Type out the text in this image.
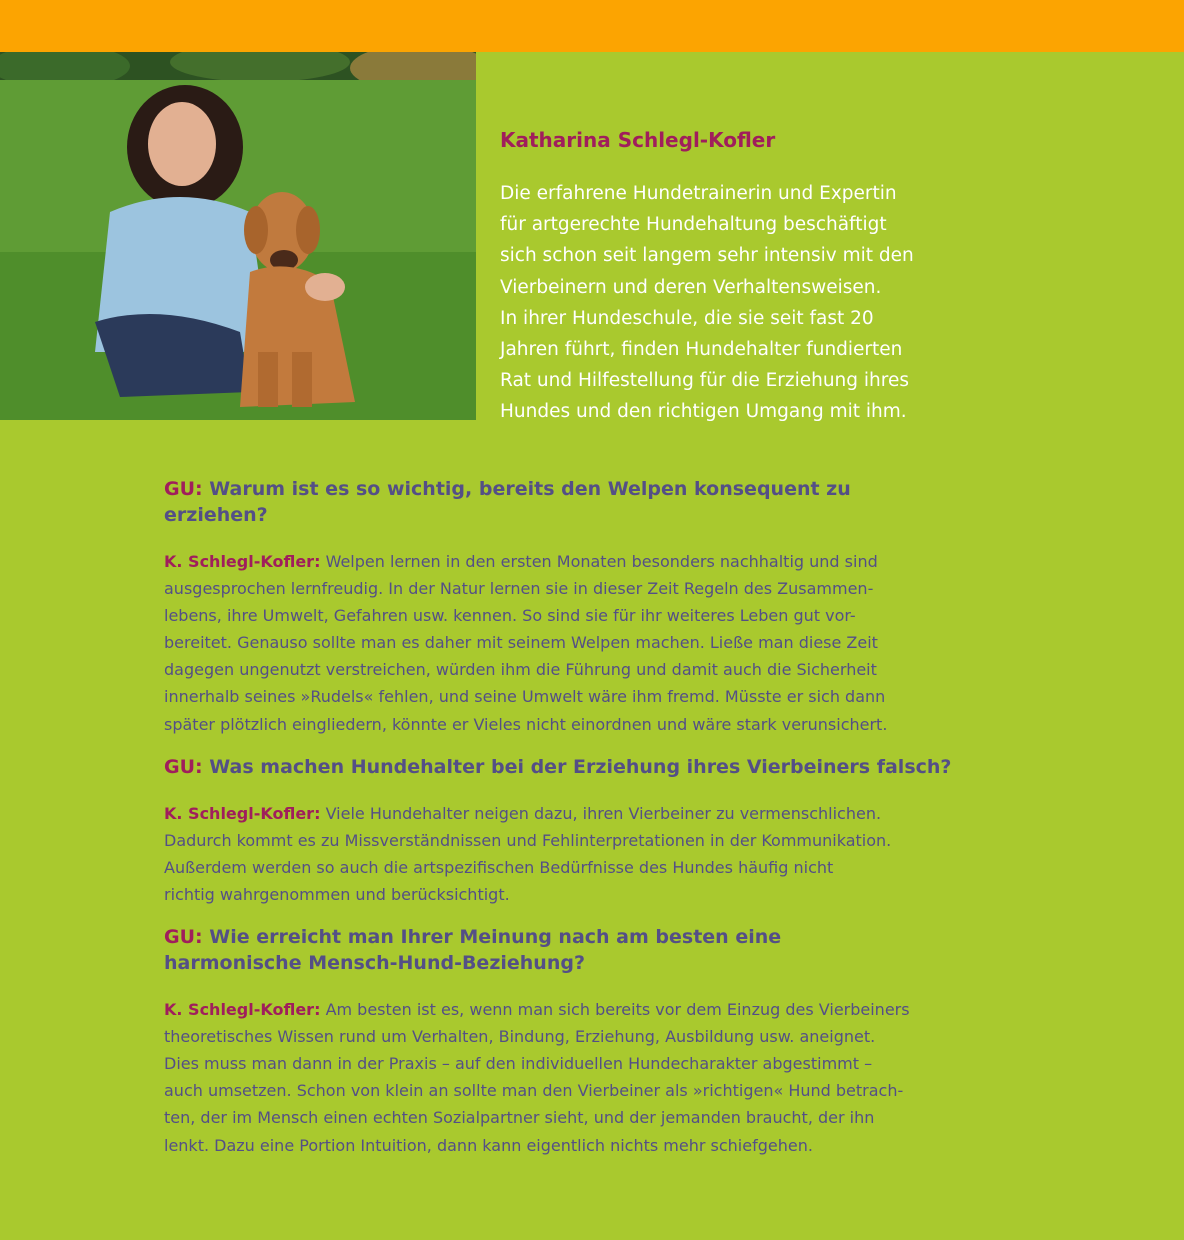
Katharina Schlegl-Kofler

Die erfahrene Hundetrainerin und Expertin
für artgerechte Hundehaltung beschäftigt
sich schon seit langem sehr intensiv mit den
Vierbeinern und deren Verhaltensweisen.
In ihrer Hundeschule, die sie seit fast 20
Jahren führt, finden Hundehalter fundierten
Rat und Hilfestellung für die Erziehung ihres
Hundes und den richtigen Umgang mit ihm.

GU: Warum ist es so wichtig, bereits den Welpen konsequent zu erziehen?

K. Schlegl-Kofler: Welpen lernen in den ersten Monaten besonders nachhaltig und sind
ausgesprochen lernfreudig. In der Natur lernen sie in dieser Zeit Regeln des Zusammen-
lebens, ihre Umwelt, Gefahren usw. kennen. So sind sie für ihr weiteres Leben gut vor-
bereitet. Genauso sollte man es daher mit seinem Welpen machen. Ließe man diese Zeit
dagegen ungenutzt verstreichen, würden ihm die Führung und damit auch die Sicherheit
innerhalb seines »Rudels« fehlen, und seine Umwelt wäre ihm fremd. Müsste er sich dann
später plötzlich eingliedern, könnte er Vieles nicht einordnen und wäre stark verunsichert.

GU: Was machen Hundehalter bei der Erziehung ihres Vierbeiners falsch?

K. Schlegl-Kofler: Viele Hundehalter neigen dazu, ihren Vierbeiner zu vermenschlichen.
Dadurch kommt es zu Missverständnissen und Fehlinterpretationen in der Kommunikation.
Außerdem werden so auch die artspezifischen Bedürfnisse des Hundes häufig nicht
richtig wahrgenommen und berücksichtigt.

GU: Wie erreicht man Ihrer Meinung nach am besten eine
harmonische Mensch-Hund-Beziehung?

K. Schlegl-Kofler: Am besten ist es, wenn man sich bereits vor dem Einzug des Vierbeiners
theoretisches Wissen rund um Verhalten, Bindung, Erziehung, Ausbildung usw. aneignet.
Dies muss man dann in der Praxis – auf den individuellen Hundecharakter abgestimmt –
auch umsetzen. Schon von klein an sollte man den Vierbeiner als »richtigen« Hund betrach-
ten, der im Mensch einen echten Sozialpartner sieht, und der jemanden braucht, der ihn
lenkt. Dazu eine Portion Intuition, dann kann eigentlich nichts mehr schiefgehen.
